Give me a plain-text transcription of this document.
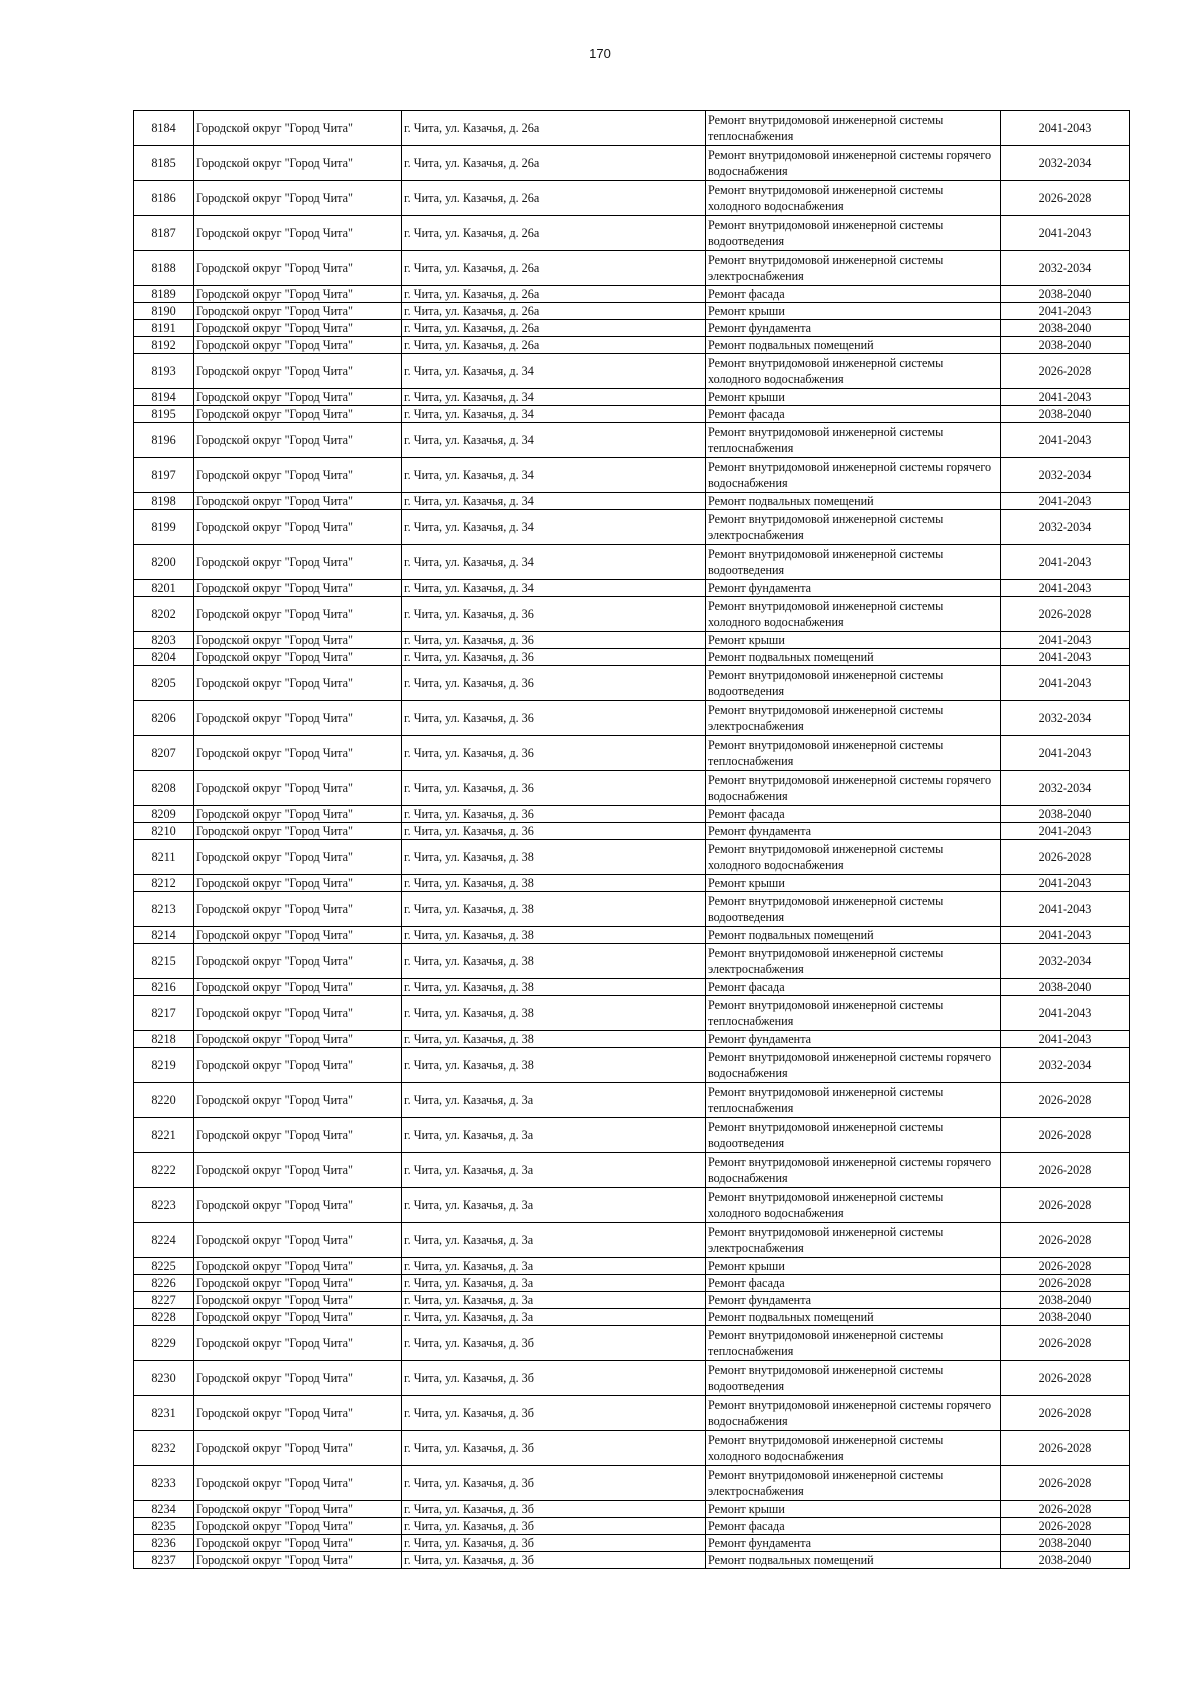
170
8184	Городской округ "Город Чита"	г. Чита, ул. Казачья, д. 26а	Ремонт внутридомовой инженерной системы теплоснабжения	2041-2043
8185	Городской округ "Город Чита"	г. Чита, ул. Казачья, д. 26а	Ремонт внутридомовой инженерной системы горячего водоснабжения	2032-2034
8186	Городской округ "Город Чита"	г. Чита, ул. Казачья, д. 26а	Ремонт внутридомовой инженерной системы холодного водоснабжения	2026-2028
8187	Городской округ "Город Чита"	г. Чита, ул. Казачья, д. 26а	Ремонт внутридомовой инженерной системы водоотведения	2041-2043
8188	Городской округ "Город Чита"	г. Чита, ул. Казачья, д. 26а	Ремонт внутридомовой инженерной системы электроснабжения	2032-2034
8189	Городской округ "Город Чита"	г. Чита, ул. Казачья, д. 26а	Ремонт фасада	2038-2040
8190	Городской округ "Город Чита"	г. Чита, ул. Казачья, д. 26а	Ремонт крыши	2041-2043
8191	Городской округ "Город Чита"	г. Чита, ул. Казачья, д. 26а	Ремонт фундамента	2038-2040
8192	Городской округ "Город Чита"	г. Чита, ул. Казачья, д. 26а	Ремонт подвальных помещений	2038-2040
8193	Городской округ "Город Чита"	г. Чита, ул. Казачья, д. 34	Ремонт внутридомовой инженерной системы холодного водоснабжения	2026-2028
8194	Городской округ "Город Чита"	г. Чита, ул. Казачья, д. 34	Ремонт крыши	2041-2043
8195	Городской округ "Город Чита"	г. Чита, ул. Казачья, д. 34	Ремонт фасада	2038-2040
8196	Городской округ "Город Чита"	г. Чита, ул. Казачья, д. 34	Ремонт внутридомовой инженерной системы теплоснабжения	2041-2043
8197	Городской округ "Город Чита"	г. Чита, ул. Казачья, д. 34	Ремонт внутридомовой инженерной системы горячего водоснабжения	2032-2034
8198	Городской округ "Город Чита"	г. Чита, ул. Казачья, д. 34	Ремонт подвальных помещений	2041-2043
8199	Городской округ "Город Чита"	г. Чита, ул. Казачья, д. 34	Ремонт внутридомовой инженерной системы электроснабжения	2032-2034
8200	Городской округ "Город Чита"	г. Чита, ул. Казачья, д. 34	Ремонт внутридомовой инженерной системы водоотведения	2041-2043
8201	Городской округ "Город Чита"	г. Чита, ул. Казачья, д. 34	Ремонт фундамента	2041-2043
8202	Городской округ "Город Чита"	г. Чита, ул. Казачья, д. 36	Ремонт внутридомовой инженерной системы холодного водоснабжения	2026-2028
8203	Городской округ "Город Чита"	г. Чита, ул. Казачья, д. 36	Ремонт крыши	2041-2043
8204	Городской округ "Город Чита"	г. Чита, ул. Казачья, д. 36	Ремонт подвальных помещений	2041-2043
8205	Городской округ "Город Чита"	г. Чита, ул. Казачья, д. 36	Ремонт внутридомовой инженерной системы водоотведения	2041-2043
8206	Городской округ "Город Чита"	г. Чита, ул. Казачья, д. 36	Ремонт внутридомовой инженерной системы электроснабжения	2032-2034
8207	Городской округ "Город Чита"	г. Чита, ул. Казачья, д. 36	Ремонт внутридомовой инженерной системы теплоснабжения	2041-2043
8208	Городской округ "Город Чита"	г. Чита, ул. Казачья, д. 36	Ремонт внутридомовой инженерной системы горячего водоснабжения	2032-2034
8209	Городской округ "Город Чита"	г. Чита, ул. Казачья, д. 36	Ремонт фасада	2038-2040
8210	Городской округ "Город Чита"	г. Чита, ул. Казачья, д. 36	Ремонт фундамента	2041-2043
8211	Городской округ "Город Чита"	г. Чита, ул. Казачья, д. 38	Ремонт внутридомовой инженерной системы холодного водоснабжения	2026-2028
8212	Городской округ "Город Чита"	г. Чита, ул. Казачья, д. 38	Ремонт крыши	2041-2043
8213	Городской округ "Город Чита"	г. Чита, ул. Казачья, д. 38	Ремонт внутридомовой инженерной системы водоотведения	2041-2043
8214	Городской округ "Город Чита"	г. Чита, ул. Казачья, д. 38	Ремонт подвальных помещений	2041-2043
8215	Городской округ "Город Чита"	г. Чита, ул. Казачья, д. 38	Ремонт внутридомовой инженерной системы электроснабжения	2032-2034
8216	Городской округ "Город Чита"	г. Чита, ул. Казачья, д. 38	Ремонт фасада	2038-2040
8217	Городской округ "Город Чита"	г. Чита, ул. Казачья, д. 38	Ремонт внутридомовой инженерной системы теплоснабжения	2041-2043
8218	Городской округ "Город Чита"	г. Чита, ул. Казачья, д. 38	Ремонт фундамента	2041-2043
8219	Городской округ "Город Чита"	г. Чита, ул. Казачья, д. 38	Ремонт внутридомовой инженерной системы горячего водоснабжения	2032-2034
8220	Городской округ "Город Чита"	г. Чита, ул. Казачья, д. 3а	Ремонт внутридомовой инженерной системы теплоснабжения	2026-2028
8221	Городской округ "Город Чита"	г. Чита, ул. Казачья, д. 3а	Ремонт внутридомовой инженерной системы водоотведения	2026-2028
8222	Городской округ "Город Чита"	г. Чита, ул. Казачья, д. 3а	Ремонт внутридомовой инженерной системы горячего водоснабжения	2026-2028
8223	Городской округ "Город Чита"	г. Чита, ул. Казачья, д. 3а	Ремонт внутридомовой инженерной системы холодного водоснабжения	2026-2028
8224	Городской округ "Город Чита"	г. Чита, ул. Казачья, д. 3а	Ремонт внутридомовой инженерной системы электроснабжения	2026-2028
8225	Городской округ "Город Чита"	г. Чита, ул. Казачья, д. 3а	Ремонт крыши	2026-2028
8226	Городской округ "Город Чита"	г. Чита, ул. Казачья, д. 3а	Ремонт фасада	2026-2028
8227	Городской округ "Город Чита"	г. Чита, ул. Казачья, д. 3а	Ремонт фундамента	2038-2040
8228	Городской округ "Город Чита"	г. Чита, ул. Казачья, д. 3а	Ремонт подвальных помещений	2038-2040
8229	Городской округ "Город Чита"	г. Чита, ул. Казачья, д. 3б	Ремонт внутридомовой инженерной системы теплоснабжения	2026-2028
8230	Городской округ "Город Чита"	г. Чита, ул. Казачья, д. 3б	Ремонт внутридомовой инженерной системы водоотведения	2026-2028
8231	Городской округ "Город Чита"	г. Чита, ул. Казачья, д. 3б	Ремонт внутридомовой инженерной системы горячего водоснабжения	2026-2028
8232	Городской округ "Город Чита"	г. Чита, ул. Казачья, д. 3б	Ремонт внутридомовой инженерной системы холодного водоснабжения	2026-2028
8233	Городской округ "Город Чита"	г. Чита, ул. Казачья, д. 3б	Ремонт внутридомовой инженерной системы электроснабжения	2026-2028
8234	Городской округ "Город Чита"	г. Чита, ул. Казачья, д. 3б	Ремонт крыши	2026-2028
8235	Городской округ "Город Чита"	г. Чита, ул. Казачья, д. 3б	Ремонт фасада	2026-2028
8236	Городской округ "Город Чита"	г. Чита, ул. Казачья, д. 3б	Ремонт фундамента	2038-2040
8237	Городской округ "Город Чита"	г. Чита, ул. Казачья, д. 3б	Ремонт подвальных помещений	2038-2040
